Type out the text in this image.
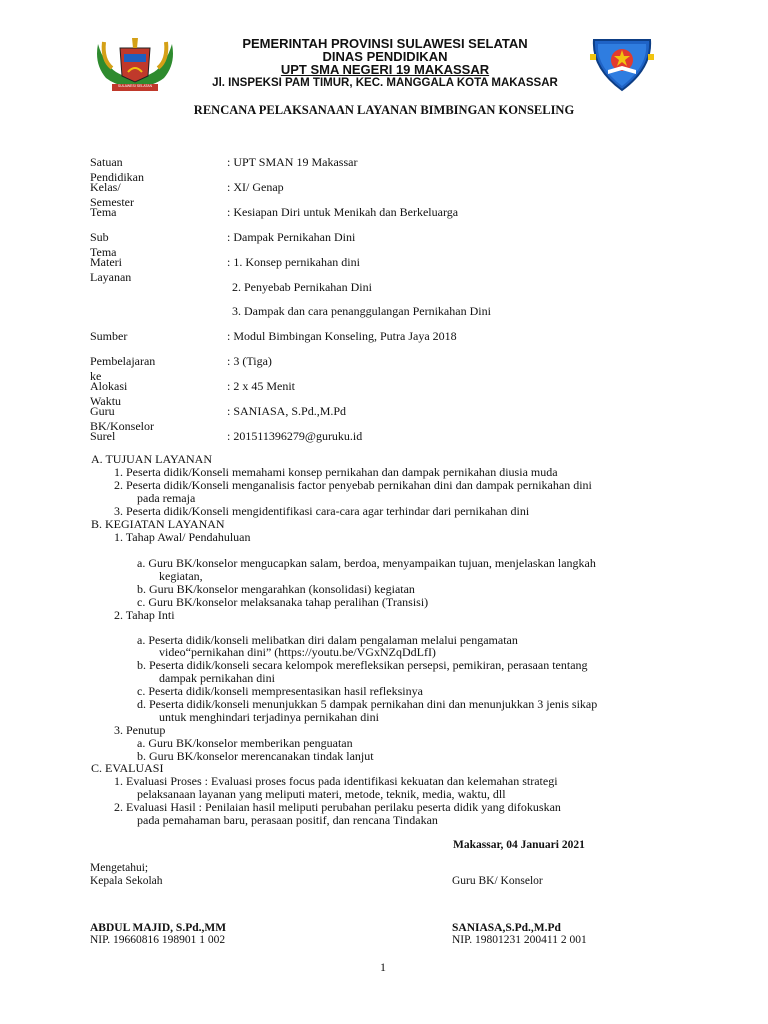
SULAWESI SELATAN
PEMERINTAH PROVINSI SULAWESI SELATAN
DINAS PENDIDIKAN
UPT SMA NEGERI 19 MAKASSAR
Jl. INSPEKSI PAM TIMUR, KEC. MANGGALA KOTA MAKASSAR
RENCANA PELAKSANAAN LAYANAN BIMBINGAN KONSELING
Satuan Pendidikan
: UPT SMAN 19 Makassar
Kelas/ Semester
: XI/ Genap
Tema	: Kesiapan Diri untuk Menikah dan Berkeluarga
Sub Tema
: Dampak Pernikahan Dini
Materi Layanan
: 1. Konsep pernikahan dini
2. Penyebab Pernikahan Dini
3. Dampak dan cara penanggulangan Pernikahan Dini
Sumber	: Modul Bimbingan Konseling, Putra Jaya 2018
Pembelajaran ke
: 3 (Tiga)
Alokasi Waktu
: 2 x 45 Menit
Guru BK/Konselor
: SANIASA, S.Pd.,M.Pd
Surel	: 201511396279@guruku.id
A. TUJUAN LAYANAN
1. Peserta didik/Konseli memahami konsep pernikahan dan dampak pernikahan diusia muda
2. Peserta didik/Konseli menganalisis factor penyebab pernikahan dini dan dampak pernikahan dini
pada remaja
3. Peserta didik/Konseli mengidentifikasi cara-cara agar terhindar dari pernikahan dini
B. KEGIATAN LAYANAN
1. Tahap Awal/ Pendahuluan
a. Guru BK/konselor mengucapkan salam, berdoa, menyampaikan tujuan, menjelaskan langkah
kegiatan,
b. Guru BK/konselor mengarahkan (konsolidasi) kegiatan
c. Guru BK/konselor melaksanaka tahap peralihan (Transisi)
2. Tahap Inti
a. Peserta didik/konseli melibatkan diri dalam pengalaman melalui pengamatan
video“pernikahan dini” (https://youtu.be/VGxNZqDdLfI)
b. Peserta didik/konseli secara kelompok merefleksikan persepsi, pemikiran, perasaan tentang
dampak pernikahan dini
c. Peserta didik/konseli mempresentasikan hasil refleksinya
d. Peserta didik/konseli menunjukkan 5 dampak pernikahan dini dan menunjukkan 3 jenis sikap
untuk menghindari terjadinya pernikahan dini
3. Penutup
a. Guru BK/konselor memberikan penguatan
b. Guru BK/konselor merencanakan tindak lanjut
C. EVALUASI
1. Evaluasi Proses : Evaluasi proses focus pada identifikasi kekuatan dan kelemahan strategi
pelaksanaan layanan yang meliputi materi, metode, teknik, media, waktu, dll
2. Evaluasi Hasil : Penilaian hasil meliputi perubahan perilaku peserta didik yang difokuskan
pada pemahaman baru, perasaan positif, dan rencana Tindakan
Makassar, 04 Januari 2021
Mengetahui;
Kepala Sekolah	Guru BK/ Konselor
ABDUL MAJID, S.Pd.,MM
NIP. 19660816 198901 1 002
SANIASA,S.Pd.,M.Pd
NIP. 19801231 200411 2 001
1
